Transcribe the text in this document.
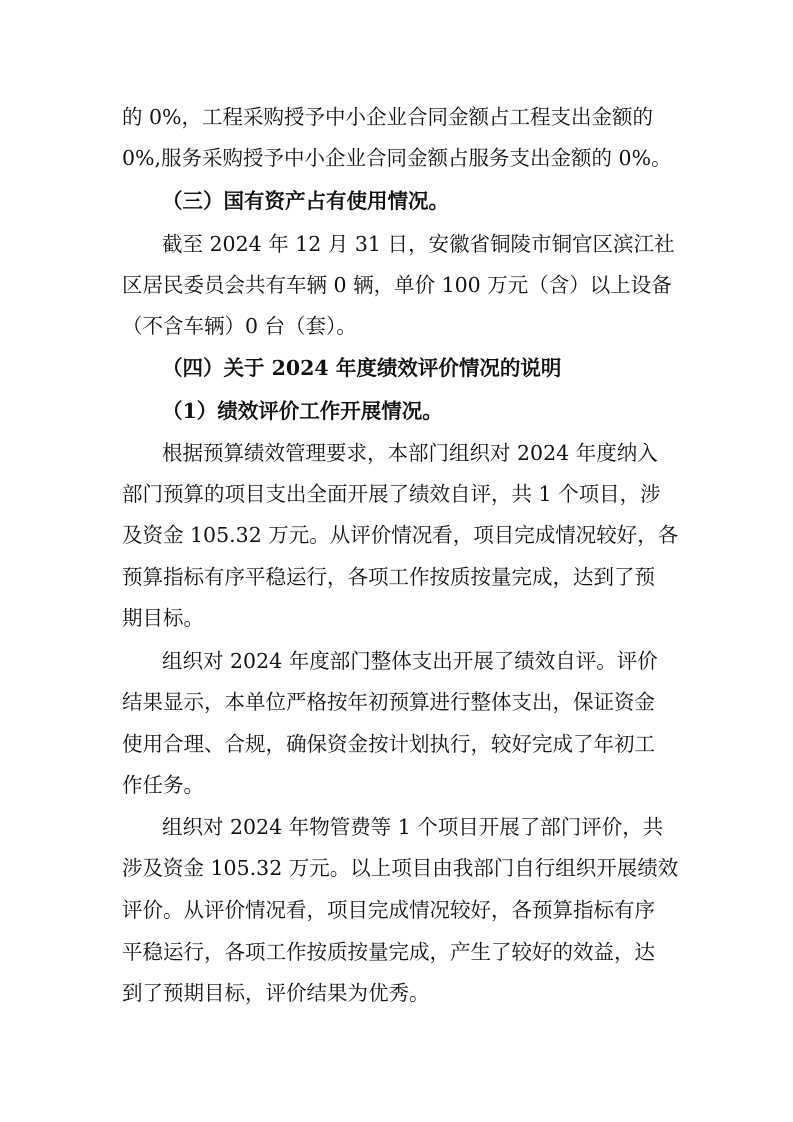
的 0%，工程采购授予中小企业合同金额占工程支出金额的
0%,服务采购授予中小企业合同金额占服务支出金额的 0%。
（三）国有资产占有使用情况。
截至 2024 年 12 月 31 日，安徽省铜陵市铜官区滨江社
区居民委员会共有车辆 0 辆，单价 100 万元（含）以上设备
（不含车辆）0 台（套）。
（四）关于 2024 年度绩效评价情况的说明
（1）绩效评价工作开展情况。
根据预算绩效管理要求，本部门组织对 2024 年度纳入
部门预算的项目支出全面开展了绩效自评，共 1 个项目，涉
及资金 105.32 万元。从评价情况看，项目完成情况较好，各
预算指标有序平稳运行，各项工作按质按量完成，达到了预
期目标。
组织对 2024 年度部门整体支出开展了绩效自评。评价
结果显示，本单位严格按年初预算进行整体支出，保证资金
使用合理、合规，确保资金按计划执行，较好完成了年初工
作任务。
组织对 2024 年物管费等 1 个项目开展了部门评价，共
涉及资金 105.32 万元。以上项目由我部门自行组织开展绩效
评价。从评价情况看，项目完成情况较好，各预算指标有序
平稳运行，各项工作按质按量完成，产生了较好的效益，达
到了预期目标，评价结果为优秀。
